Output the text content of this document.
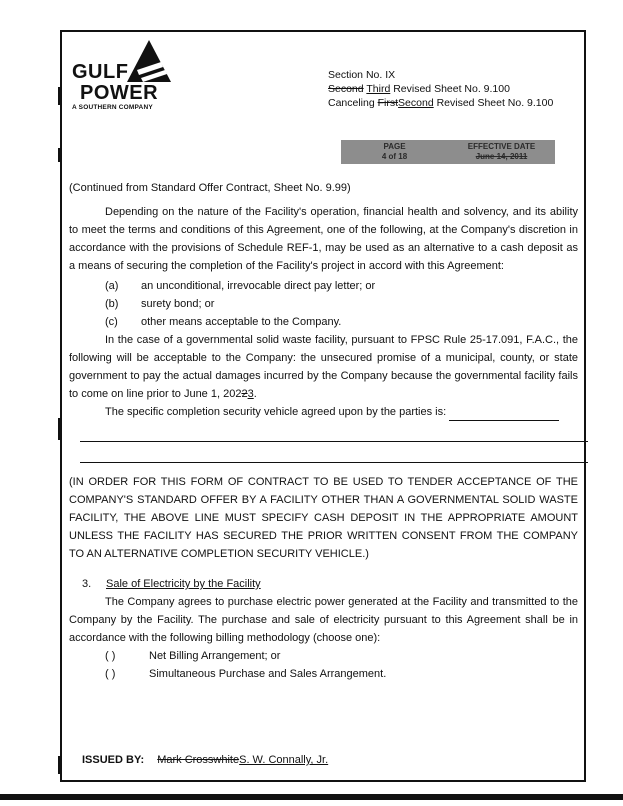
GULF
POWER
A SOUTHERN COMPANY
Section No. IX
Second Third Revised Sheet No. 9.100
Canceling FirstSecond Revised Sheet No. 9.100
PAGE
4 of 18
EFFECTIVE DATE
June 14, 2011
(Continued from Standard Offer Contract, Sheet No. 9.99)
Depending on the nature of the Facility's operation, financial health and solvency, and its ability to meet the terms and conditions of this Agreement, one of the following, at the Company's discretion in accordance with the provisions of Schedule REF-1, may be used as an alternative to a cash deposit as a means of securing the completion of the Facility's project in accord with this Agreement:
(a)	an unconditional, irrevocable direct pay letter; or
(b)	surety bond; or
(c)	other means acceptable to the Company.
In the case of a governmental solid waste facility, pursuant to FPSC Rule 25-17.091, F.A.C., the following will be acceptable to the Company: the unsecured promise of a municipal, county, or state government to pay the actual damages incurred by the Company because the governmental facility fails to come on line prior to June 1, 20223.
The specific completion security vehicle agreed upon by the parties is:

(IN ORDER FOR THIS FORM OF CONTRACT TO BE USED TO TENDER ACCEPTANCE OF THE COMPANY'S STANDARD OFFER BY A FACILITY OTHER THAN A GOVERNMENTAL SOLID WASTE FACILITY, THE ABOVE LINE MUST SPECIFY CASH DEPOSIT IN THE APPROPRIATE AMOUNT UNLESS THE FACILITY HAS SECURED THE PRIOR WRITTEN CONSENT FROM THE COMPANY TO AN ALTERNATIVE COMPLETION SECURITY VEHICLE.)

3.	Sale of Electricity by the Facility
The Company agrees to purchase electric power generated at the Facility and transmitted to the Company by the Facility. The purchase and sale of electricity pursuant to this Agreement shall be in accordance with the following billing methodology (choose one):
( )	Net Billing Arrangement; or
( )	Simultaneous Purchase and Sales Arrangement.
ISSUED BY: Mark CrosswhiteS. W. Connally, Jr.
